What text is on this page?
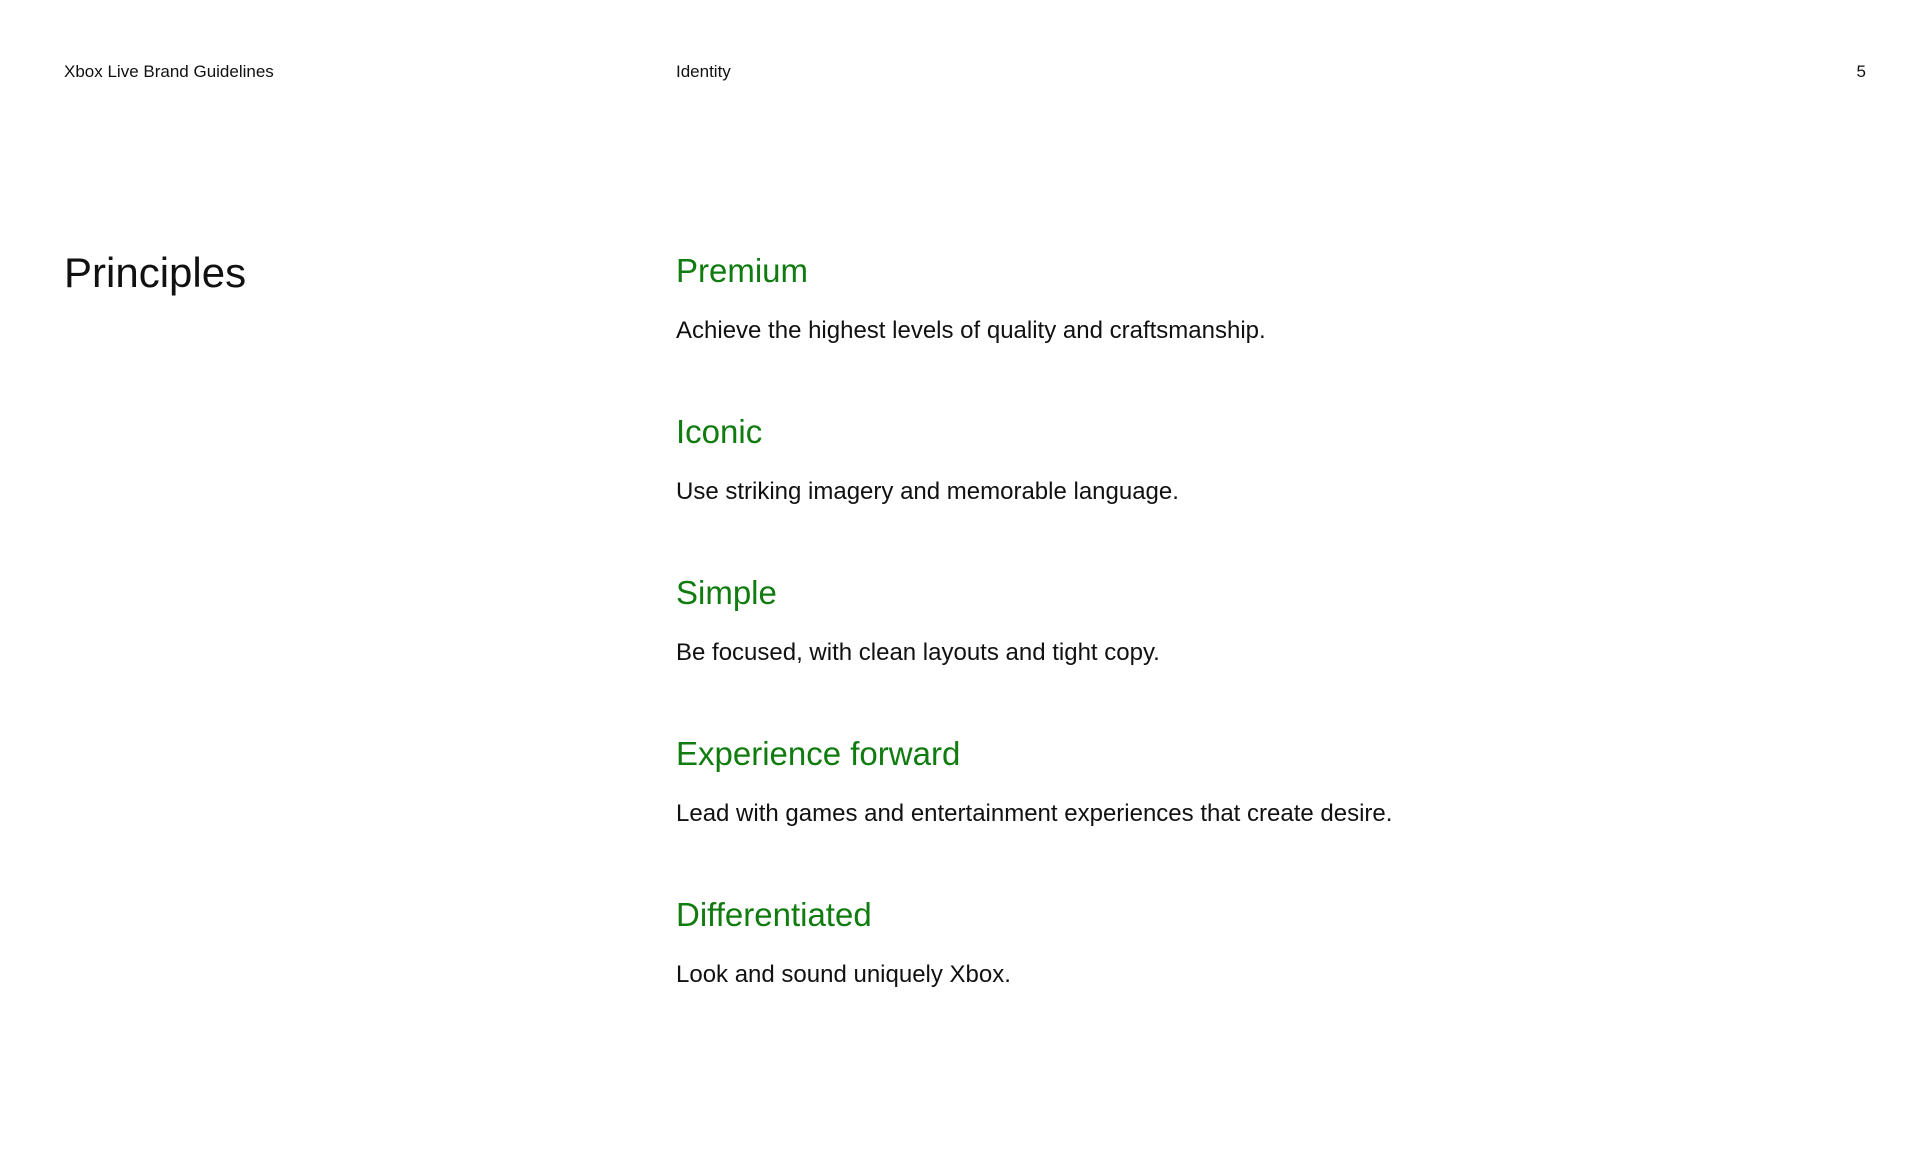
Xbox Live Brand Guidelines	Identity	5
Principles	Premium

Achieve the highest levels of quality and craftsmanship.

Iconic

Use striking imagery and memorable language.

Simple

Be focused, with clean layouts and tight copy.

Experience forward

Lead with games and entertainment experiences that create desire.

Differentiated

Look and sound uniquely Xbox.
